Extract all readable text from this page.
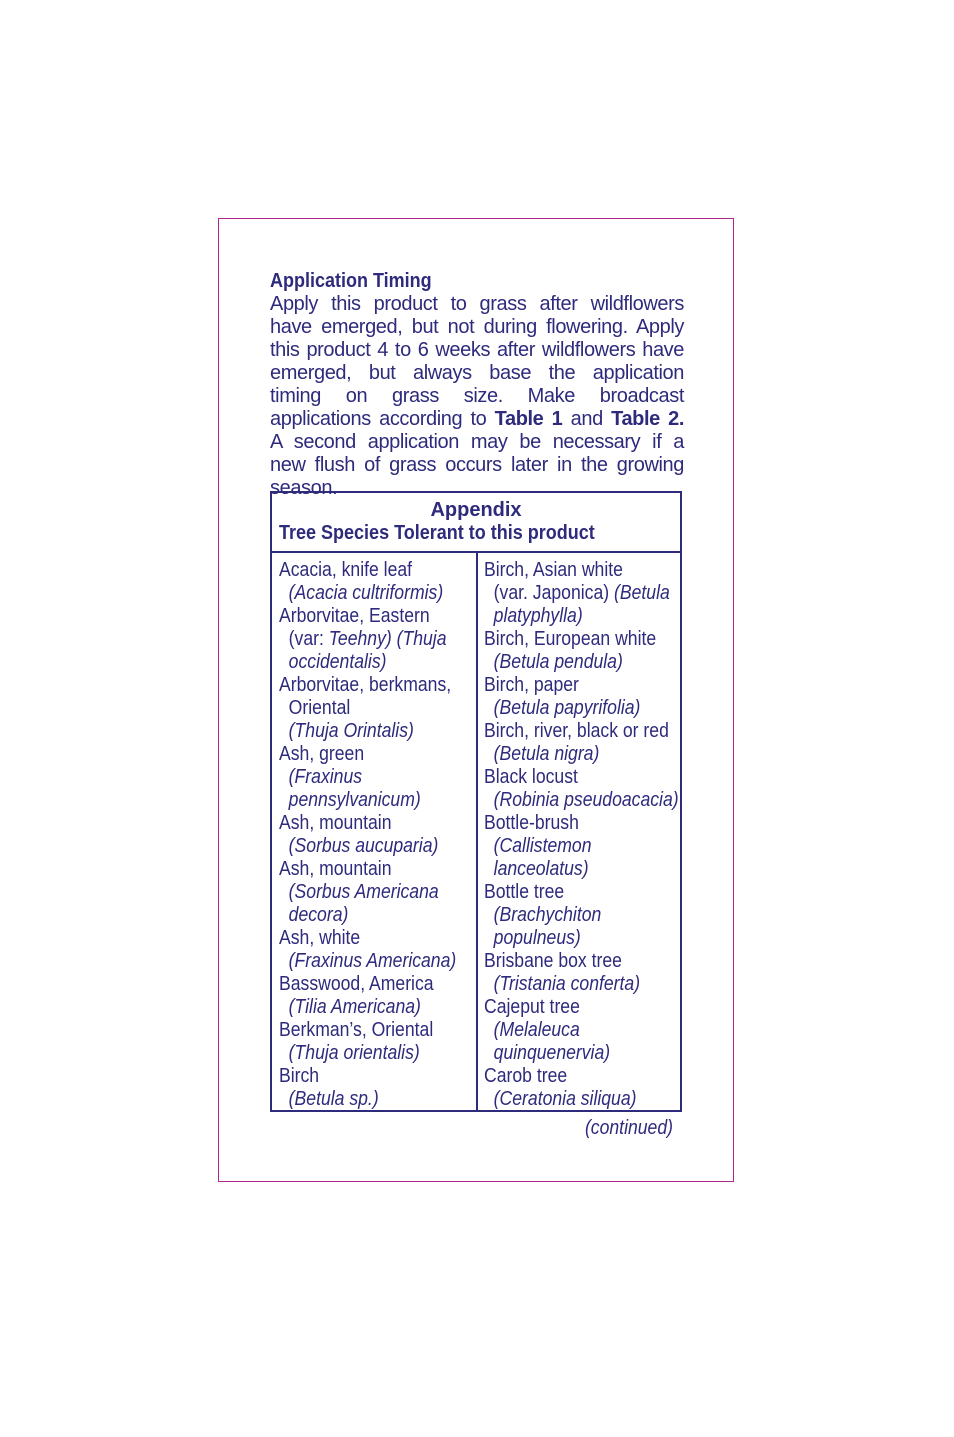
Application Timing
Apply this product to grass after wildflowers have emerged, but not during flowering. Apply this product 4 to 6 weeks after wildflowers have emerged, but always base the application timing on grass size. Make broadcast applications according to Table 1 and Table 2. A second application may be necessary if a new flush of grass occurs later in the growing season.
Appendix
Tree Species Tolerant to this product
Acacia, knife leaf
(Acacia cultriformis)
Arborvitae, Eastern
(var: Teehny) (Thuja
occidentalis)
Arborvitae, berkmans,
Oriental
(Thuja Orintalis)
Ash, green
(Fraxinus
pennsylvanicum)
Ash, mountain
(Sorbus aucuparia)
Ash, mountain
(Sorbus Americana
decora)
Ash, white
(Fraxinus Americana)
Basswood, America
(Tilia Americana)
Berkman’s, Oriental
(Thuja orientalis)
Birch
(Betula sp.)
Birch, Asian white
(var. Japonica) (Betula
platyphylla)
Birch, European white
(Betula pendula)
Birch, paper
(Betula papyrifolia)
Birch, river, black or red
(Betula nigra)
Black locust
(Robinia pseudoacacia)
Bottle-brush
(Callistemon
lanceolatus)
Bottle tree
(Brachychiton
populneus)
Brisbane box tree
(Tristania conferta)
Cajeput tree
(Melaleuca
quinquenervia)
Carob tree
(Ceratonia siliqua)
(continued)
